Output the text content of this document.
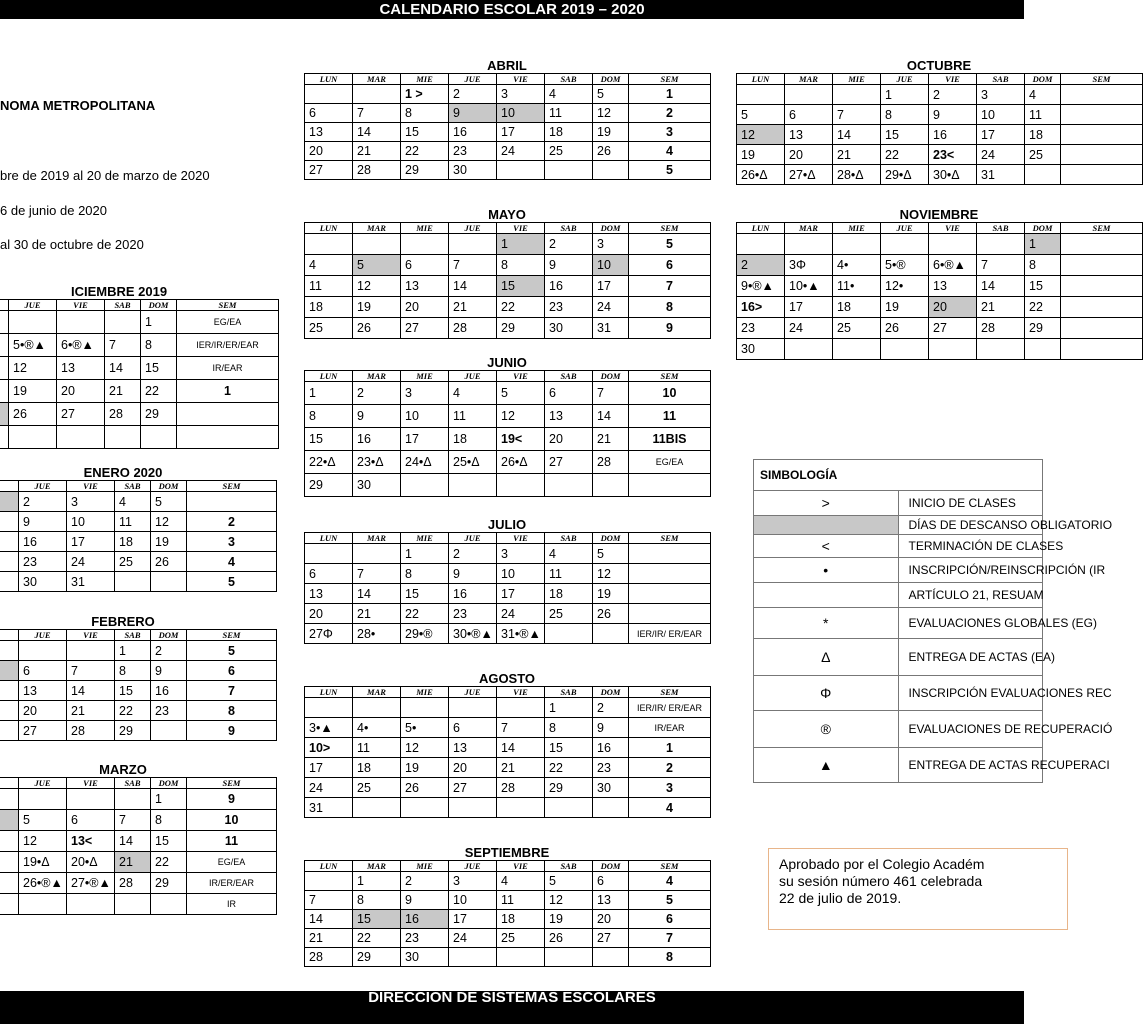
CALENDARIO ESCOLAR 2019 – 2020
NOMA METROPOLITANA
bre de 2019 al 20 de marzo de 2020
6 de junio de 2020
al 30 de octubre de 2020
SIMBOLOGÍA	
>	INICIO DE CLASES
	DÍAS DE DESCANSO OBLIGATORIO
<	TERMINACIÓN DE CLASES
•	INSCRIPCIÓN/REINSCRIPCIÓN (IR
	ARTÍCULO 21, RESUAM
*	EVALUACIONES GLOBALES (EG)
Δ	ENTREGA DE ACTAS (EA)
Φ	INSCRIPCIÓN EVALUACIONES REC
®	EVALUACIONES DE RECUPERACIÓ
▲	ENTREGA DE ACTAS RECUPERACI
Aprobado por el Colegio Académ
su sesión número 461 celebrada
22 de julio de 2019.
DIRECCIÓN DE SISTEMAS ESCOLARES
ABRIL
LUN	MAR	MIE	JUE	VIE	SAB	DOM	SEM
		1 >	2	3	4	5	1
6	7	8	9	10	11	12	2
13	14	15	16	17	18	19	3
20	21	22	23	24	25	26	4
27	28	29	30				5
MAYO
LUN	MAR	MIE	JUE	VIE	SAB	DOM	SEM
				1	2	3	5
4	5	6	7	8	9	10	6
11	12	13	14	15	16	17	7
18	19	20	21	22	23	24	8
25	26	27	28	29	30	31	9
JUNIO
LUN	MAR	MIE	JUE	VIE	SAB	DOM	SEM
1	2	3	4	5	6	7	10
8	9	10	11	12	13	14	11
15	16	17	18	19<	20	21	11BIS
22•Δ	23•Δ	24•Δ	25•Δ	26•Δ	27	28	EG/EA
29	30						
JULIO
LUN	MAR	MIE	JUE	VIE	SAB	DOM	SEM
		1	2	3	4	5	
6	7	8	9	10	11	12	
13	14	15	16	17	18	19	
20	21	22	23	24	25	26	
27Φ	28•	29•®	30•®▲	31•®▲			IER/IR/ ER/EAR
AGOSTO
LUN	MAR	MIE	JUE	VIE	SAB	DOM	SEM
					1	2	IER/IR/ ER/EAR
3•▲	4•	5•	6	7	8	9	IR/EAR
10>	11	12	13	14	15	16	1
17	18	19	20	21	22	23	2
24	25	26	27	28	29	30	3
31							4
SEPTIEMBRE
LUN	MAR	MIE	JUE	VIE	SAB	DOM	SEM
	1	2	3	4	5	6	4
7	8	9	10	11	12	13	5
14	15	16	17	18	19	20	6
21	22	23	24	25	26	27	7
28	29	30					8
OCTUBRE
LUN	MAR	MIE	JUE	VIE	SAB	DOM	SEM
			1	2	3	4	
5	6	7	8	9	10	11	
12	13	14	15	16	17	18	
19	20	21	22	23<	24	25	
26•Δ	27•Δ	28•Δ	29•Δ	30•Δ	31		
NOVIEMBRE
LUN	MAR	MIE	JUE	VIE	SAB	DOM	SEM
						1	
2	3Φ	4•	5•®	6•®▲	7	8	
9•®▲	10•▲	11•	12•	13	14	15	
16>	17	18	19	20	21	22	
23	24	25	26	27	28	29	
30							
ICIEMBRE 2019
	JUE	VIE	SAB	DOM	SEM
				1	EG/EA
	5•®▲	6•®▲	7	8	IER/IR/ER/EAR
	12	13	14	15	IR/EAR
	19	20	21	22	1
	26	27	28	29	

ENERO 2020
	JUE	VIE	SAB	DOM	SEM
	2	3	4	5	
	9	10	11	12	2
	16	17	18	19	3
	23	24	25	26	4
	30	31			5
FEBRERO
	JUE	VIE	SAB	DOM	SEM
			1	2	5
	6	7	8	9	6
	13	14	15	16	7
	20	21	22	23	8
	27	28	29		9
MARZO
	JUE	VIE	SAB	DOM	SEM
				1	9
	5	6	7	8	10
	12	13<	14	15	11
	19•Δ	20•Δ	21	22	EG/EA
	26•®▲	27•®▲	28	29	IR/ER/EAR
					IR
